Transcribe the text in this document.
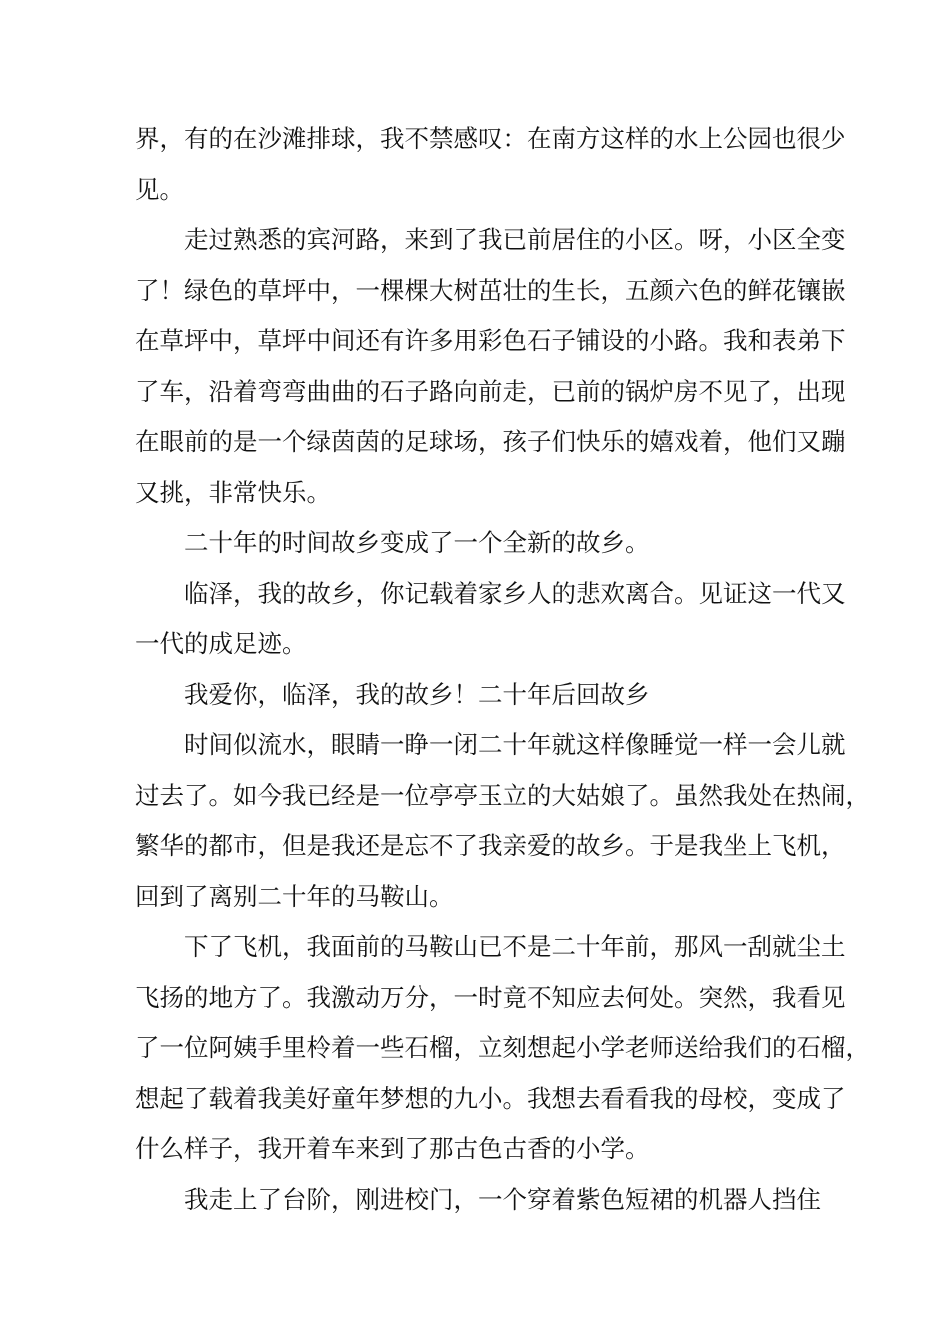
界，有的在沙滩排球，我不禁感叹：在南方这样的水上公园也很少
见。
走过熟悉的宾河路，来到了我已前居住的小区。呀，小区全变
了！绿色的草坪中，一棵棵大树茁壮的生长，五颜六色的鲜花镶嵌
在草坪中，草坪中间还有许多用彩色石子铺设的小路。我和表弟下
了车，沿着弯弯曲曲的石子路向前走，已前的锅炉房不见了，出现
在眼前的是一个绿茵茵的足球场，孩子们快乐的嬉戏着，他们又蹦
又挑，非常快乐。
二十年的时间故乡变成了一个全新的故乡。
临泽，我的故乡，你记载着家乡人的悲欢离合。见证这一代又
一代的成足迹。
我爱你，临泽，我的故乡！二十年后回故乡
时间似流水，眼睛一睁一闭二十年就这样像睡觉一样一会儿就
过去了。如今我已经是一位亭亭玉立的大姑娘了。虽然我处在热闹，
繁华的都市，但是我还是忘不了我亲爱的故乡。于是我坐上飞机，
回到了离别二十年的马鞍山。
下了飞机，我面前的马鞍山已不是二十年前，那风一刮就尘土
飞扬的地方了。我激动万分，一时竟不知应去何处。突然，我看见
了一位阿姨手里柃着一些石榴，立刻想起小学老师送给我们的石榴，
想起了载着我美好童年梦想的九小。我想去看看我的母校，变成了
什么样子，我开着车来到了那古色古香的小学。
我走上了台阶，刚进校门，一个穿着紫色短裙的机器人挡住
